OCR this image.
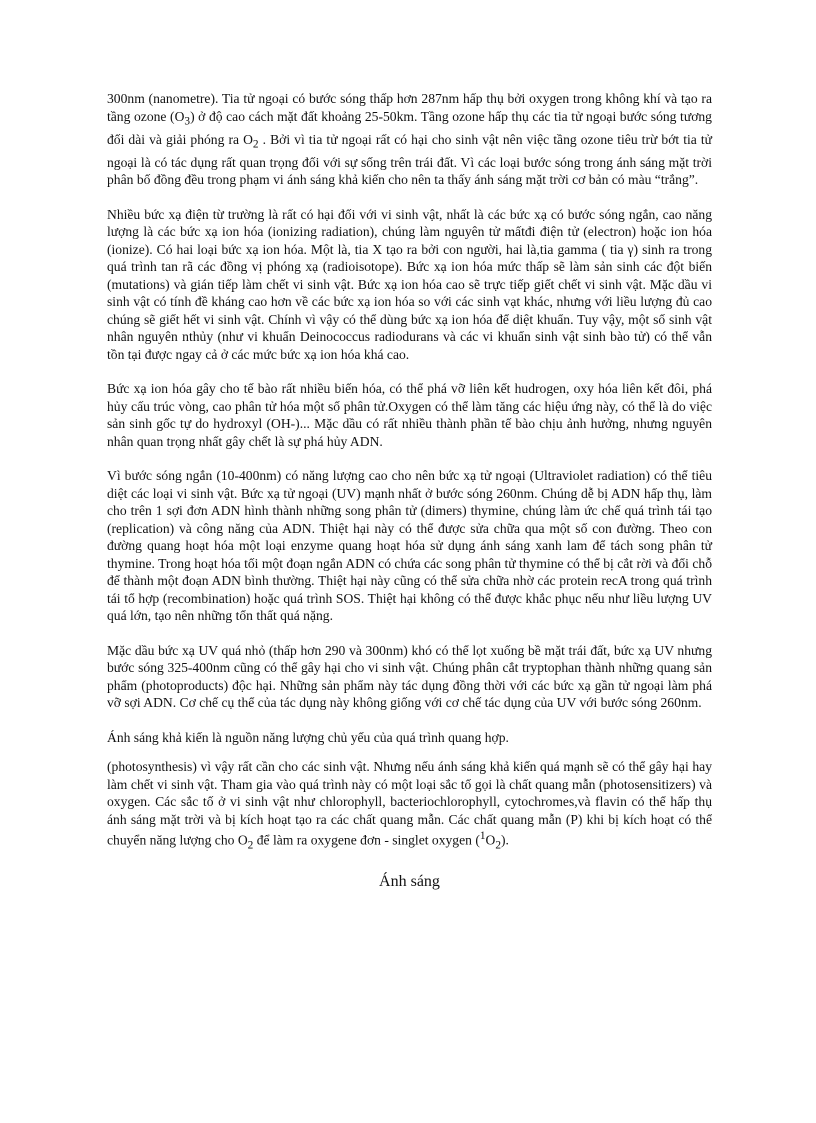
300nm (nanometre). Tia tử ngoại có bước sóng thấp hơn 287nm hấp thụ bởi oxygen trong không khí và tạo ra tầng ozone $(O_3)$ ở độ cao cách mặt đất khoảng 25-50km. Tầng ozone hấp thụ các tia tử ngoại bước sóng tương đối dài và giải phóng ra $O_2$ . Bởi vì tia tử ngoại rất có hại cho sinh vật nên việc tầng ozone tiêu trừ bớt tia tử ngoại là có tác dụng rất quan trọng đối với sự sống trên trái đất. Vì các loại bước sóng trong ánh sáng mặt trời phân bố đồng đều trong phạm vi ánh sáng khả kiến cho nên ta thấy ánh sáng mặt trời cơ bản có màu “trắng”.

Nhiều bức xạ điện từ trường là rất có hại đối với vi sinh vật, nhất là các bức xạ có bước sóng ngắn, cao năng lượng là các bức xạ ion hóa (ionizing radiation), chúng làm nguyên tử mấtđi điện tử (electron) hoặc ion hóa (ionize). Có hai loại bức xạ ion hóa. Một là, tia X tạo ra bởi con người, hai là,tia gamma ( tia γ) sinh ra trong quá trình tan rã các đồng vị phóng xạ (radioisotope). Bức xạ ion hóa mức thấp sẽ làm sản sinh các đột biến (mutations) và gián tiếp làm chết vi sinh vật. Bức xạ ion hóa cao sẽ trực tiếp giết chết vi sinh vật. Mặc dầu vi sinh vật có tính đề kháng cao hơn về các bức xạ ion hóa so với các sinh vạt khác, nhưng với liều lượng đủ cao chúng sẽ giết hết vi sinh vật. Chính vì vậy có thể dùng bức xạ ion hóa để diệt khuẩn. Tuy vậy, một số sinh vật nhân nguyên nthủy (như vi khuẩn Deinococcus radiodurans và các vi khuẩn sinh vật sinh bào tử) có thể vẫn tồn tại được ngay cả ở các mức bức xạ ion hóa khá cao.

Bức xạ ion hóa gây cho tế bào rất nhiều biến hóa, có thể phá vỡ liên kết hudrogen, oxy hóa liên kết đôi, phá hủy cấu trúc vòng, cao phân tử hóa một số phân tử.Oxygen có thể làm tăng các hiệu ứng này, có thể là do việc sản sinh gốc tự do hydroxyl (OH-)... Mặc dầu có rất nhiều thành phần tế bào chịu ảnh hưởng, nhưng nguyên nhân quan trọng nhất gây chết là sự phá hủy ADN.

Vì bước sóng ngắn (10-400nm) có năng lượng cao cho nên bức xạ tử ngoại (Ultraviolet radiation) có thể tiêu diệt các loại vi sinh vật. Bức xạ tử ngoại (UV) mạnh nhất ở bước sóng 260nm. Chúng dễ bị ADN hấp thụ, làm cho trên 1 sợi đơn ADN hình thành những song phân tử (dimers) thymine, chúng làm ức chế quá trình tái tạo (replication) và công năng của ADN. Thiệt hại này có thể được sửa chữa qua một số con đường. Theo con đường quang hoạt hóa một loại enzyme quang hoạt hóa sử dụng ánh sáng xanh lam để tách song phân tử thymine. Trong hoạt hóa tối một đoạn ngắn ADN có chứa các song phân tử thymine có thể bị cắt rời và đổi chỗ để thành một đoạn ADN bình thường. Thiệt hại này cũng có thể sửa chữa nhờ các protein recA trong quá trình tái tổ hợp (recombination) hoặc quá trình SOS. Thiệt hại không có thể được khắc phục nếu như liều lượng UV quá lớn, tạo nên những tổn thất quá nặng.

Mặc dầu bức xạ UV quá nhỏ (thấp hơn 290 và 300nm) khó có thể lọt xuống bề mặt trái đất, bức xạ UV nhưng bước sóng 325-400nm cũng có thể gây hại cho vi sinh vật. Chúng phân cắt tryptophan thành những quang sản phẩm (photoproducts) độc hại. Những sản phẩm này tác dụng đồng thời với các bức xạ gần tử ngoại làm phá vỡ sợi ADN. Cơ chế cụ thể của tác dụng này không giống với cơ chế tác dụng của UV với bước sóng 260nm.

Ánh sáng khả kiến là nguồn năng lượng chủ yếu của quá trình quang hợp.

(photosynthesis) vì vậy rất cần cho các sinh vật. Nhưng nếu ánh sáng khả kiến quá mạnh sẽ có thể gây hại hay làm chết vi sinh vật. Tham gia vào quá trình này có một loại sắc tố gọi là chất quang mẫn (photosensitizers) và oxygen. Các sắc tố ở vi sinh vật như chlorophyll, bacteriochlorophyll, cytochromes,và flavin có thể hấp thụ ánh sáng mặt trời và bị kích hoạt tạo ra các chất quang mẫn. Các chất quang mẫn (P) khi bị kích hoạt có thể chuyển năng lượng cho $O_2$ để làm ra oxygene đơn - singlet oxygen $(^1O_2)$.

Ánh sáng
